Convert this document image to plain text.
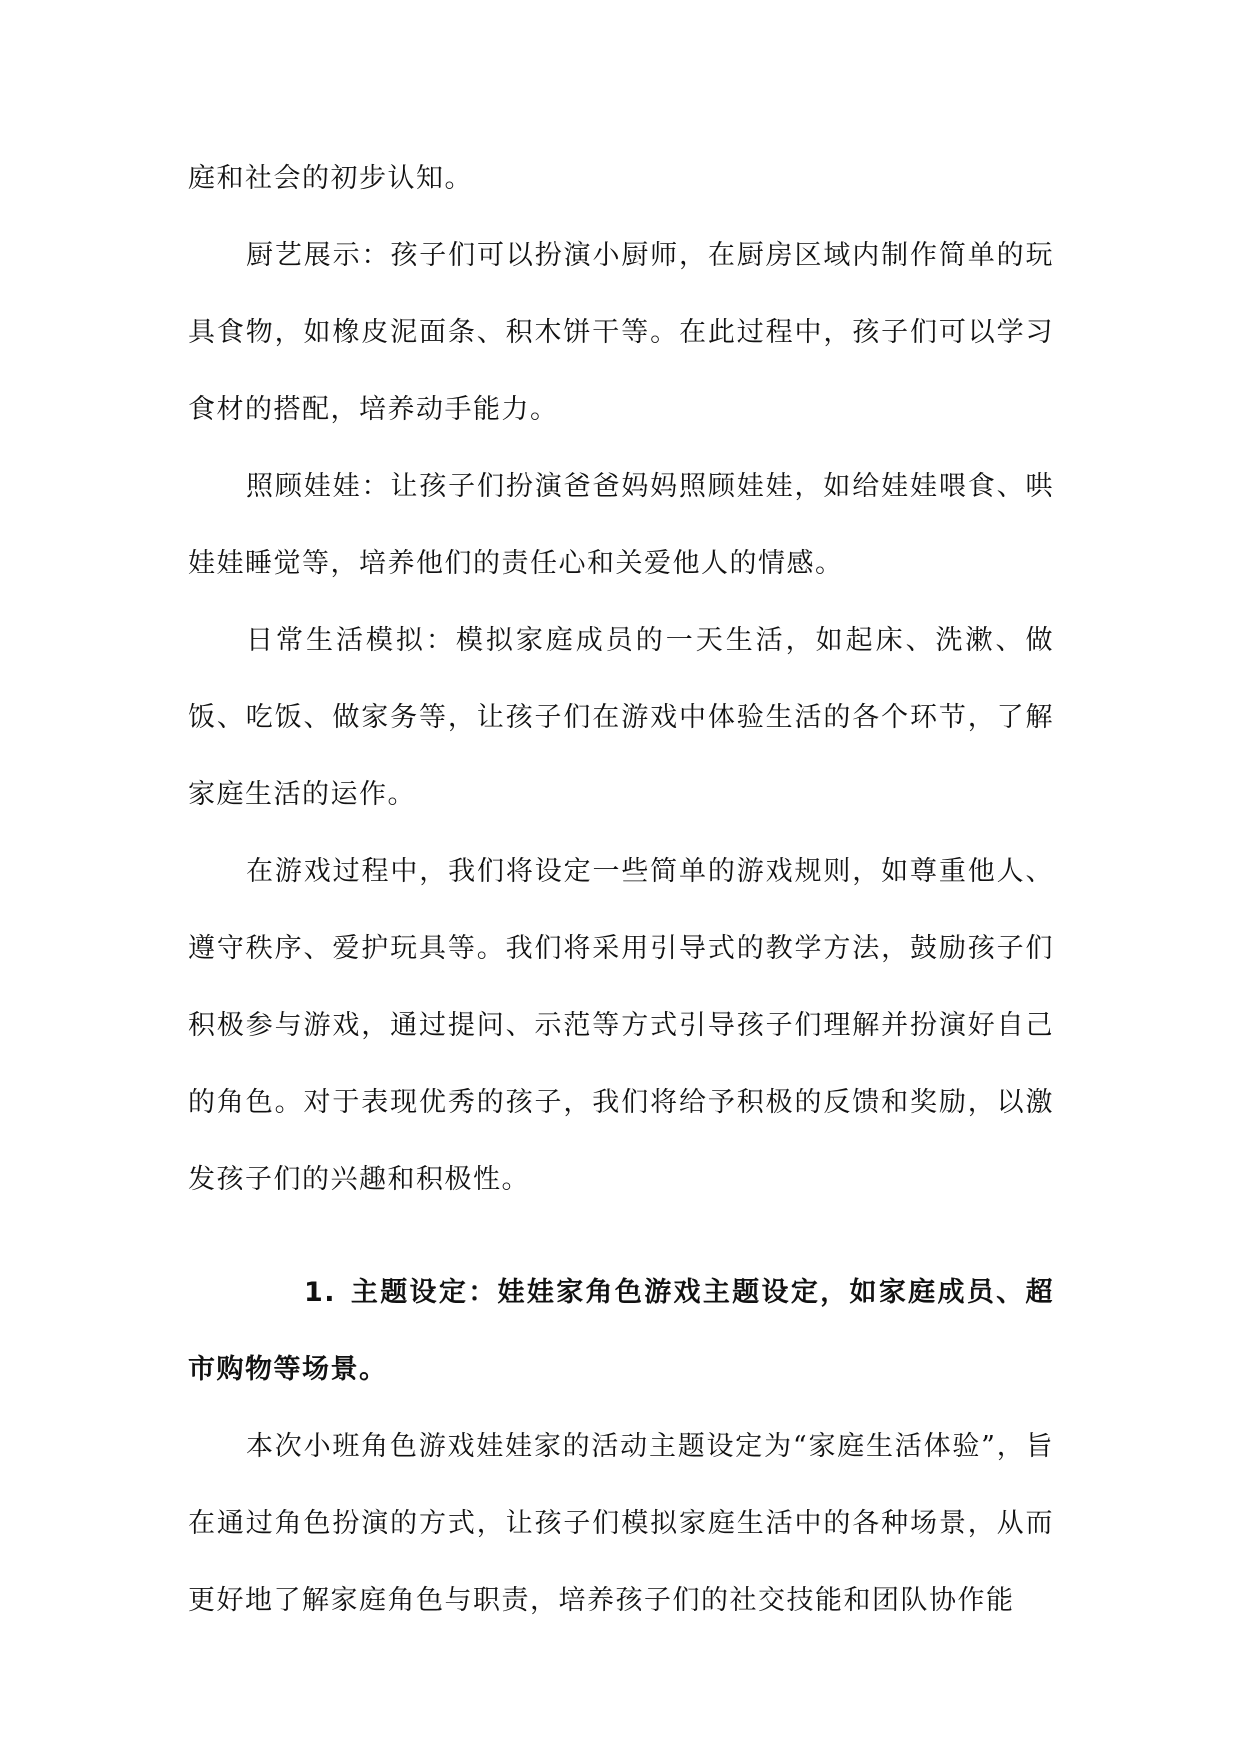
庭和社会的初步认知。

厨艺展示：孩子们可以扮演小厨师，在厨房区域内制作简单的玩具食物，如橡皮泥面条、积木饼干等。在此过程中，孩子们可以学习食材的搭配，培养动手能力。

照顾娃娃：让孩子们扮演爸爸妈妈照顾娃娃，如给娃娃喂食、哄娃娃睡觉等，培养他们的责任心和关爱他人的情感。

日常生活模拟：模拟家庭成员的一天生活，如起床、洗漱、做饭、吃饭、做家务等，让孩子们在游戏中体验生活的各个环节，了解家庭生活的运作。

在游戏过程中，我们将设定一些简单的游戏规则，如尊重他人、遵守秩序、爱护玩具等。我们将采用引导式的教学方法，鼓励孩子们积极参与游戏，通过提问、示范等方式引导孩子们理解并扮演好自己的角色。对于表现优秀的孩子，我们将给予积极的反馈和奖励，以激发孩子们的兴趣和积极性。

1. 主题设定：娃娃家角色游戏主题设定，如家庭成员、超市购物等场景。

本次小班角色游戏娃娃家的活动主题设定为“家庭生活体验”，旨在通过角色扮演的方式，让孩子们模拟家庭生活中的各种场景，从而更好地了解家庭角色与职责，培养孩子们的社交技能和团队协作能
